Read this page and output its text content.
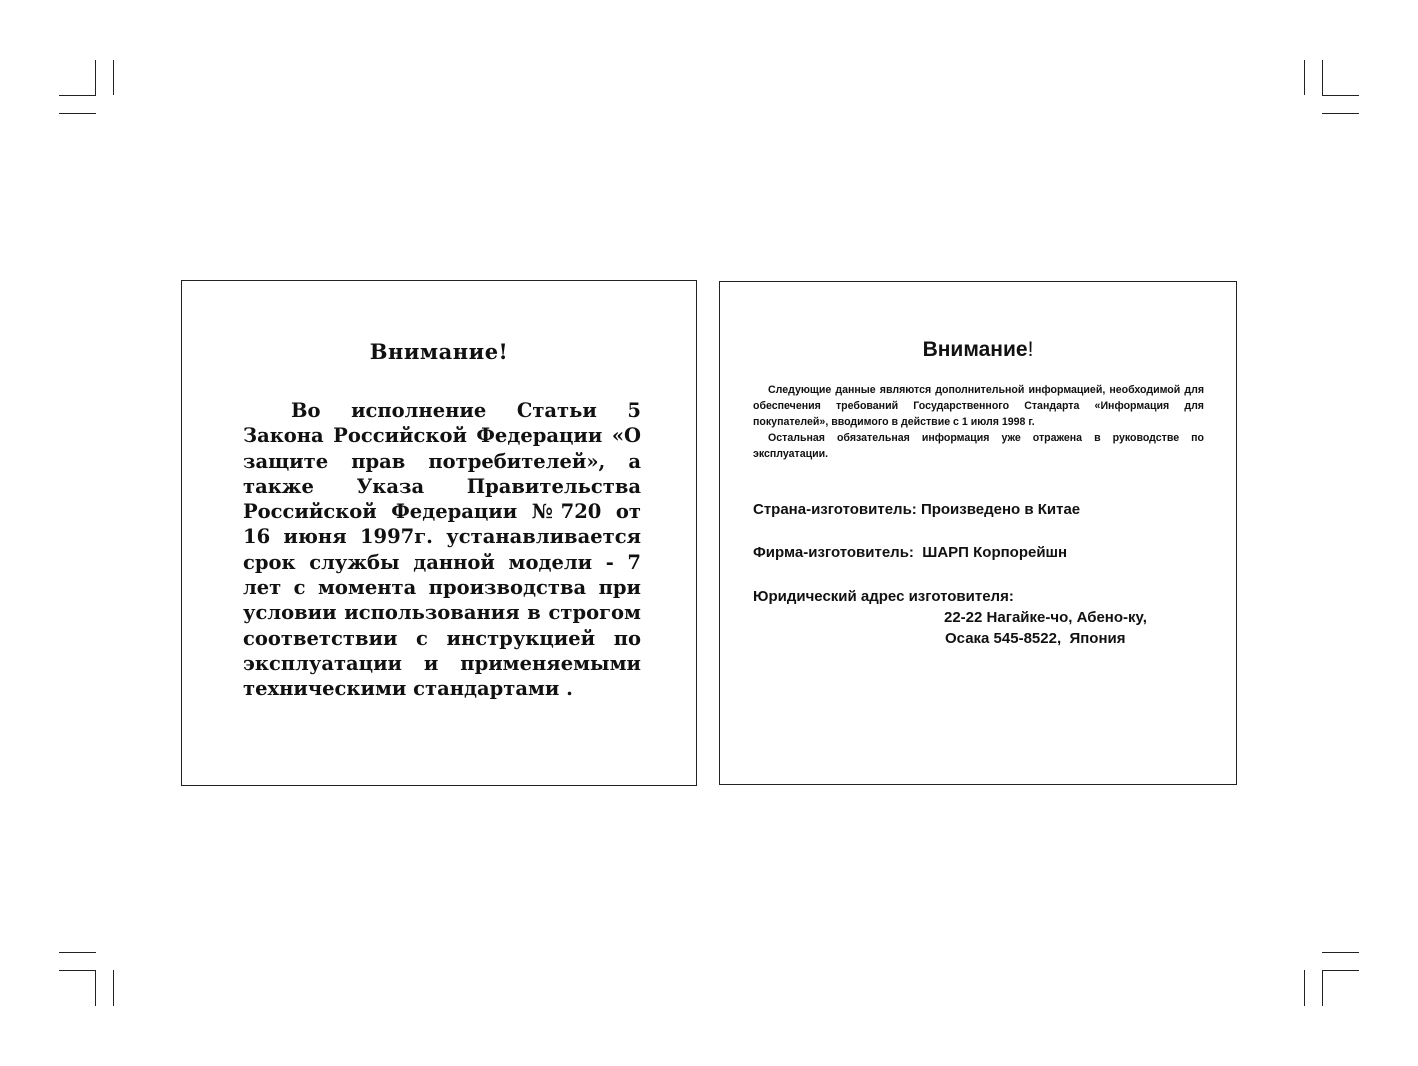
Внимание!

Во исполнение Статьи 5 Закона Российской Федерации «О защите прав потребителей», а также Указа Правительства Российской Федерации №720 от 16 июня 1997г. устанавливается срок службы данной модели - 7 лет с момента производства при условии использования в строгом соответствии с инструкцией по эксплуатации и применяемыми техническими стандартами .

Внимание!

Следующие данные являются дополнительной информацией, необходимой для обеспечения требований Государственного Стандарта «Информация для покупателей», вводимого в действие с 1 июля 1998 г.

Остальная обязательная информация уже отражена в руководстве по эксплуатации.

Страна-изготовитель: Произведено в Китае

Фирма-изготовитель:  ШАРП Корпорейшн

Юридический адрес изготовителя:

22-22 Нагайке-чо, Абено-ку,

Осака 545-8522,  Япония
